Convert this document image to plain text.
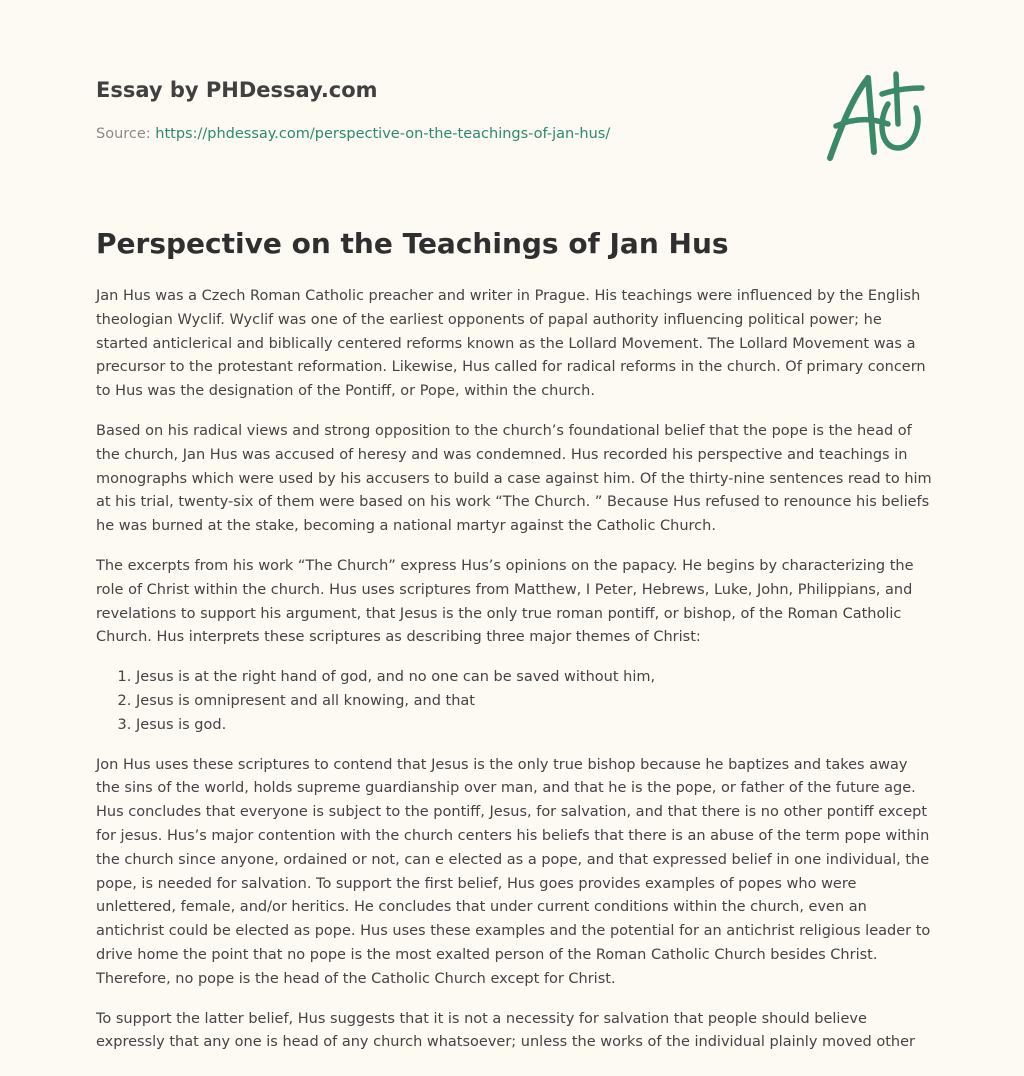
Essay by PHDessay.com
Source: https://phdessay.com/perspective-on-the-teachings-of-jan-hus/
Perspective on the Teachings of Jan Hus

Jan Hus was a Czech Roman Catholic preacher and writer in Prague. His teachings were influenced by the English theologian Wyclif. Wyclif was one of the earliest opponents of papal authority influencing political power; he started anticlerical and biblically centered reforms known as the Lollard Movement. The Lollard Movement was a precursor to the protestant reformation. Likewise, Hus called for radical reforms in the church. Of primary concern to Hus was the designation of the Pontiff, or Pope, within the church.

Based on his radical views and strong opposition to the church’s foundational belief that the pope is the head of the church, Jan Hus was accused of heresy and was condemned. Hus recorded his perspective and teachings in monographs which were used by his accusers to build a case against him. Of the thirty-nine sentences read to him at his trial, twenty-six of them were based on his work “The Church. ” Because Hus refused to renounce his beliefs he was burned at the stake, becoming a national martyr against the Catholic Church.

The excerpts from his work “The Church” express Hus’s opinions on the papacy. He begins by characterizing the role of Christ within the church. Hus uses scriptures from Matthew, I Peter, Hebrews, Luke, John, Philippians, and revelations to support his argument, that Jesus is the only true roman pontiff, or bishop, of the Roman Catholic Church. Hus interprets these scriptures as describing three major themes of Christ:

1. Jesus is at the right hand of god, and no one can be saved without him,
2. Jesus is omnipresent and all knowing, and that
3. Jesus is god.

Jon Hus uses these scriptures to contend that Jesus is the only true bishop because he baptizes and takes away the sins of the world, holds supreme guardianship over man, and that he is the pope, or father of the future age. Hus concludes that everyone is subject to the pontiff, Jesus, for salvation, and that there is no other pontiff except for jesus. Hus’s major contention with the church centers his beliefs that there is an abuse of the term pope within the church since anyone, ordained or not, can e elected as a pope, and that expressed belief in one individual, the pope, is needed for salvation. To support the first belief, Hus goes provides examples of popes who were unlettered, female, and/or heritics. He concludes that under current conditions within the church, even an antichrist could be elected as pope. Hus uses these examples and the potential for an antichrist religious leader to drive home the point that no pope is the most exalted person of the Roman Catholic Church besides Christ. Therefore, no pope is the head of the Catholic Church except for Christ.

To support the latter belief, Hus suggests that it is not a necessity for salvation that people should believe expressly that any one is head of any church whatsoever; unless the works of the individual plainly moved other
